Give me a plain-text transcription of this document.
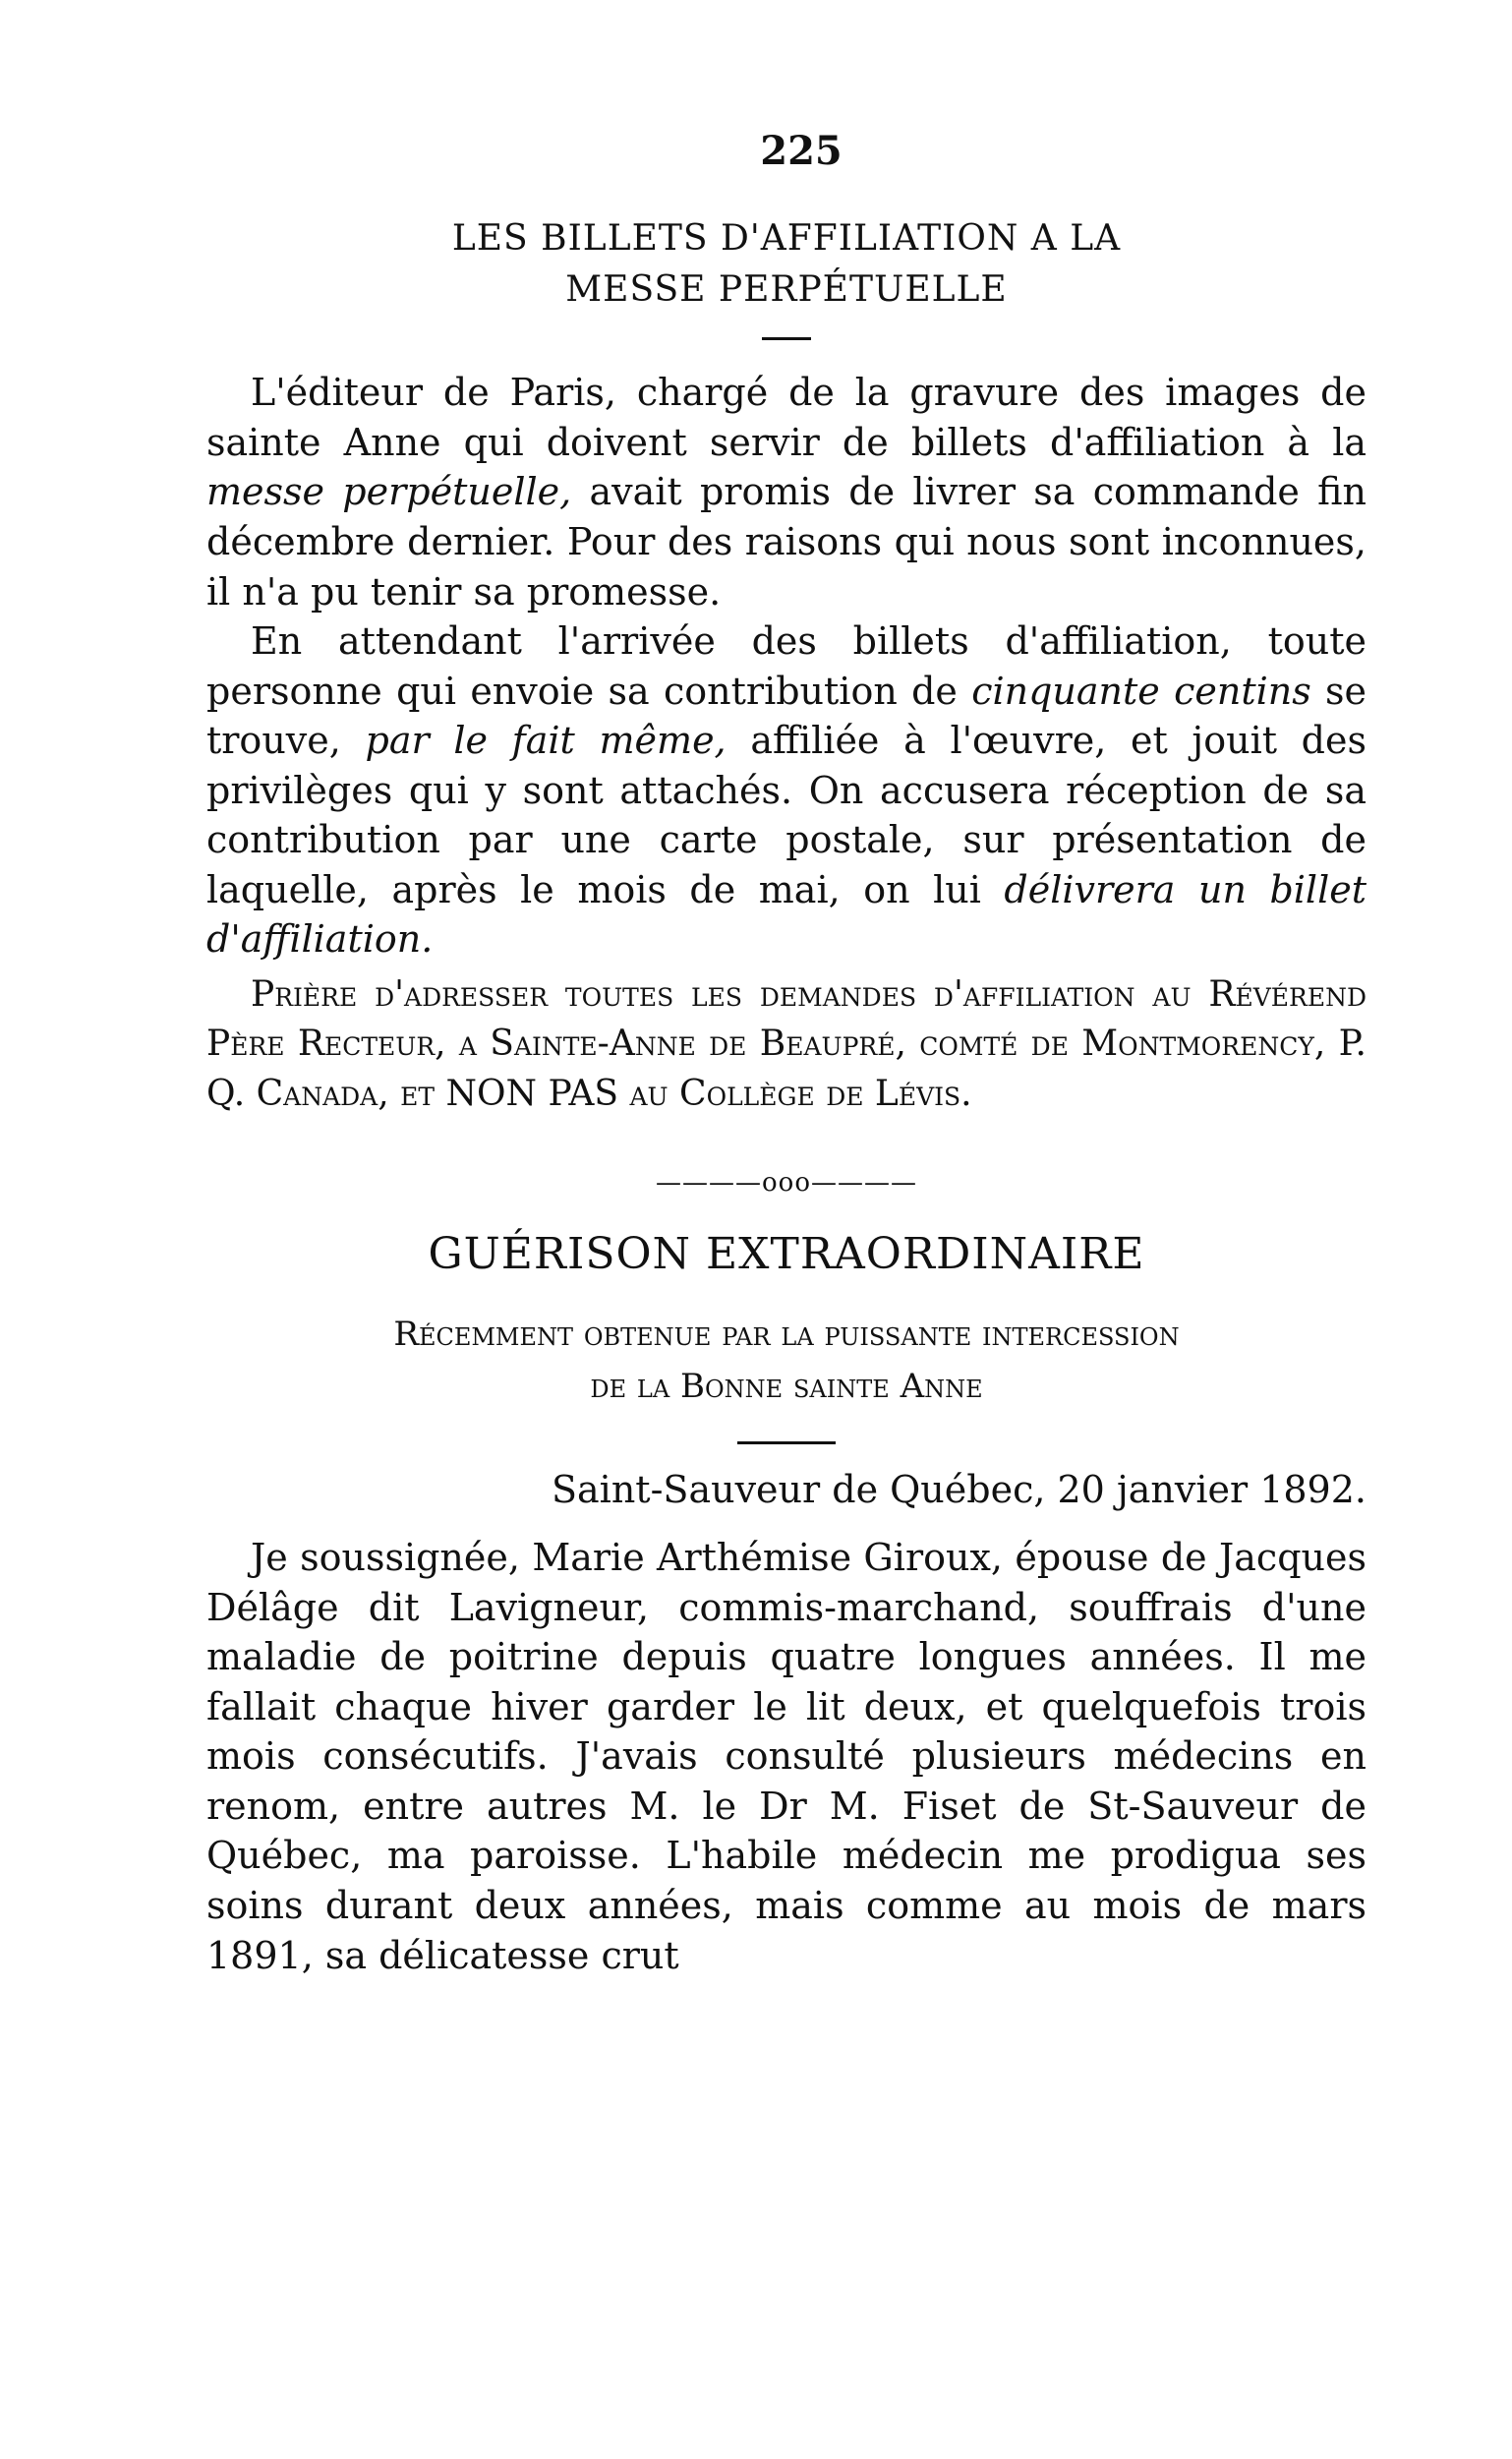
225
LES BILLETS D'AFFILIATION A LA
MESSE PERPÉTUELLE

L'éditeur de Paris, chargé de la gravure des images de sainte Anne qui doivent servir de billets d'affiliation à la messe perpétuelle, avait promis de livrer sa commande fin décembre dernier. Pour des raisons qui nous sont inconnues, il n'a pu tenir sa promesse.

En attendant l'arrivée des billets d'affiliation, toute personne qui envoie sa contribution de cinquante centins se trouve, par le fait même, affiliée à l'œuvre, et jouit des privilèges qui y sont attachés. On accusera réception de sa contribution par une carte postale, sur présentation de laquelle, après le mois de mai, on lui délivrera un billet d'affiliation.

Prière d'adresser toutes les demandes d'affiliation au Révérend Père Recteur, a Sainte-Anne de Beaupré, comté de Montmorency, P. Q. Canada, et NON PAS au Collège de Lévis.
————ooo————
GUÉRISON EXTRAORDINAIRE
Récemment obtenue par la puissante intercession
de la Bonne sainte Anne
Saint-Sauveur de Québec, 20 janvier 1892.

Je soussignée, Marie Arthémise Giroux, épouse de Jacques Délâge dit Lavigneur, commis-marchand, souffrais d'une maladie de poitrine depuis quatre longues années. Il me fallait chaque hiver garder le lit deux, et quelquefois trois mois consécutifs. J'avais consulté plusieurs médecins en renom, entre autres M. le Dr M. Fiset de St-Sauveur de Québec, ma paroisse. L'habile médecin me prodigua ses soins durant deux années, mais comme au mois de mars 1891, sa délicatesse crut
